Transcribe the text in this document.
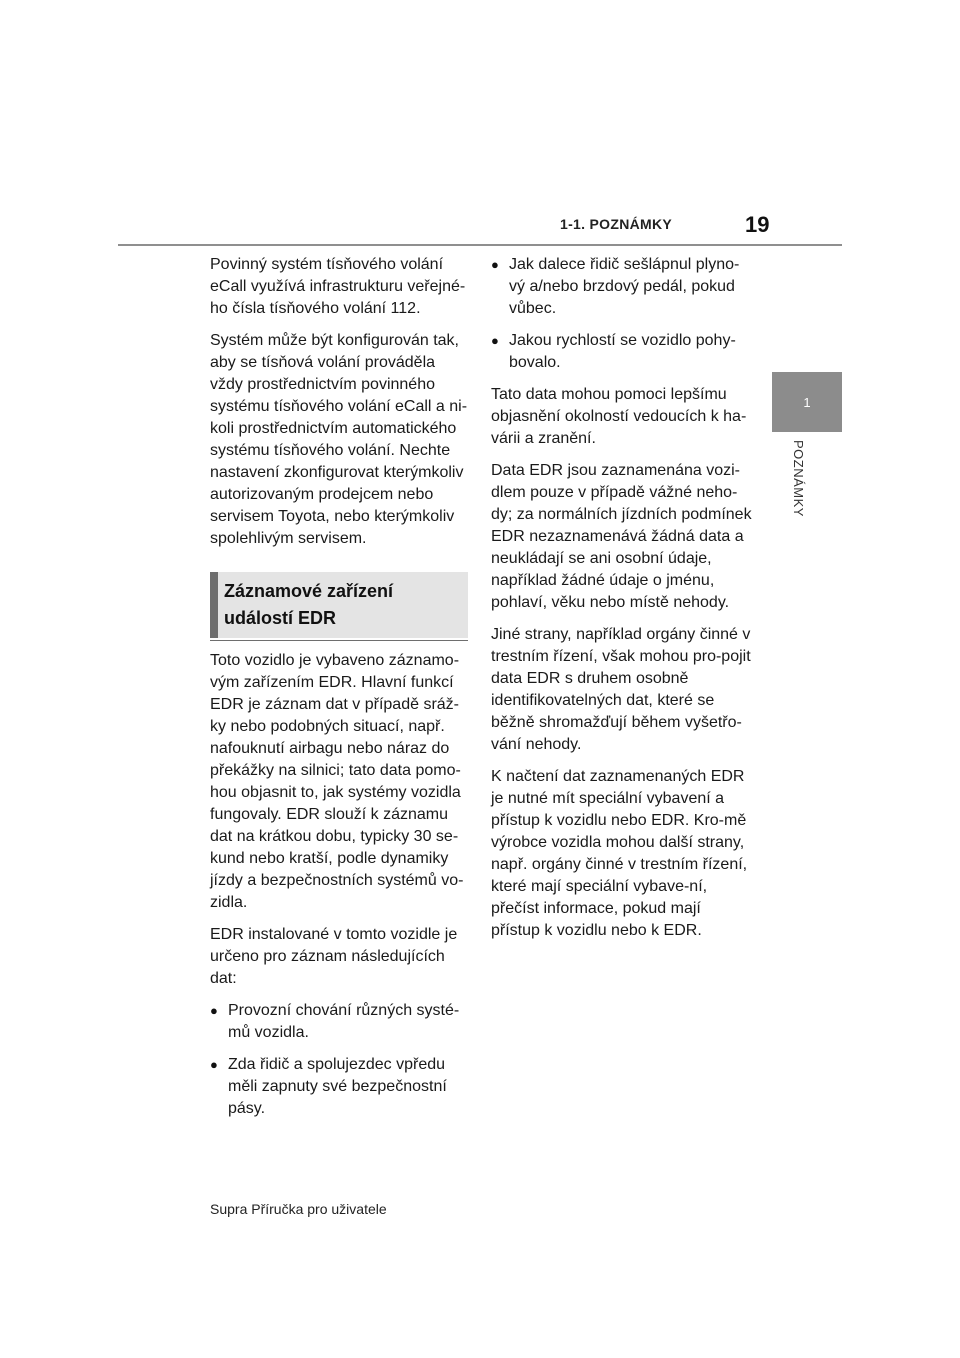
1-1. POZNÁMKY	19
1
POZNÁMKY

Povinný systém tísňového volání eCall využívá infrastrukturu veřejné-ho čísla tísňového volání 112.

Systém může být konfigurován tak, aby se tísňová volání prováděla vždy prostřednictvím povinného systému tísňového volání eCall a ni-koli prostřednictvím automatického systému tísňového volání. Nechte nastavení zkonfigurovat kterýmkoliv autorizovaným prodejcem nebo servisem Toyota, nebo kterýmkoliv spolehlivým servisem.

Záznamové zařízení událostí EDR

Toto vozidlo je vybaveno záznamo-vým zařízením EDR. Hlavní funkcí EDR je záznam dat v případě sráž-ky nebo podobných situací, např. nafouknutí airbagu nebo náraz do překážky na silnici; tato data pomo-hou objasnit to, jak systémy vozidla fungovaly. EDR slouží k záznamu dat na krátkou dobu, typicky 30 se-kund nebo kratší, podle dynamiky jízdy a bezpečnostních systémů vo-zidla.

EDR instalované v tomto vozidle je určeno pro záznam následujících dat:

● Provozní chování různých systé-mů vozidla.
● Zda řidič a spolujezdec vpředu měli zapnuty své bezpečnostní pásy.
● Jak dalece řidič sešlápnul plyno-vý a/nebo brzdový pedál, pokud vůbec.
● Jakou rychlostí se vozidlo pohy-bovalo.

Tato data mohou pomoci lepšímu objasnění okolností vedoucích k ha-várii a zranění.

Data EDR jsou zaznamenána vozi-dlem pouze v případě vážné neho-dy; za normálních jízdních podmínek EDR nezaznamenává žádná data a neukládají se ani osobní údaje, například žádné údaje o jménu, pohlaví, věku nebo místě nehody.

Jiné strany, například orgány činné v trestním řízení, však mohou pro-pojit data EDR s druhem osobně identifikovatelných dat, které se běžně shromažďují během vyšetřo-vání nehody.

K načtení dat zaznamenaných EDR je nutné mít speciální vybavení a přístup k vozidlu nebo EDR. Kro-mě výrobce vozidla mohou další strany, např. orgány činné v trestním řízení, které mají speciální vybave-ní, přečíst informace, pokud mají přístup k vozidlu nebo k EDR.

Supra Příručka pro uživatele
